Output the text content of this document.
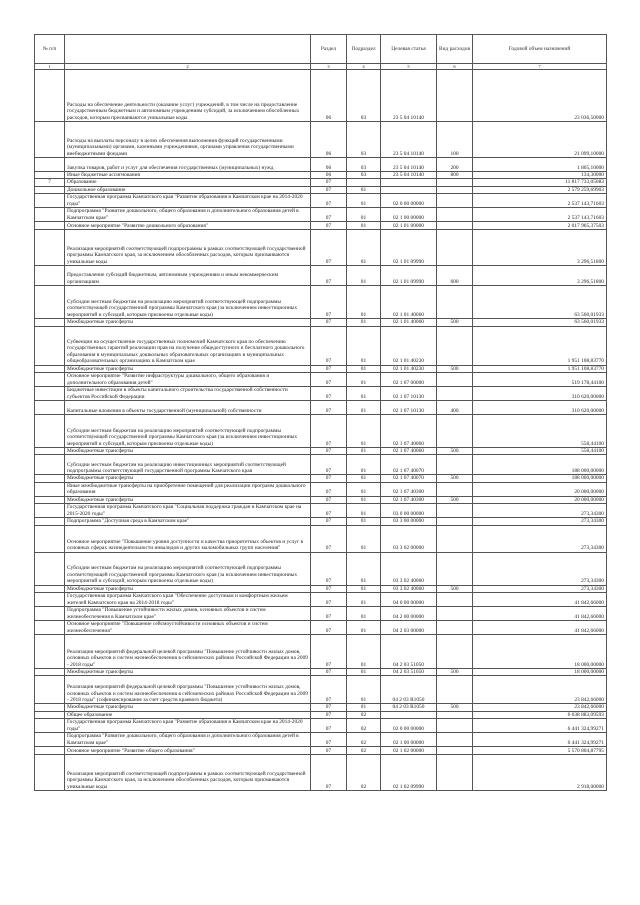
№ п/п		Раздел	Подраздел	Целевая статья	Вид расходов	Годовой объем назначений
1	2	3	4	5	6	7
	Расходы на обеспечение деятельности (оказание услуг) учреждений, в том числе на предоставление государственным бюджетным и автономным учреждениям субсидий, за исключением обособленных расходов, которым присваиваются уникальные коды	06	03	23 5 04 10140		23 036,50000
	Расходы на выплаты персоналу в целях обеспечения выполнения функций государственными (муниципальными) органами, казенными учреждениями, органами управления государственными внебюджетными фондами	06	03	23 5 04 10140	100	21 099,10000
	Закупка товаров, работ и услуг для обеспечения государственных (муниципальных) нужд	06	03	23 5 04 10140	200	1 805,10000
	Иные бюджетные ассигнования	06	03	23 5 04 10140	800	134,30000
7	Образование	07				11 817 733,05083
	Дошкольное образование	07	01			2 579 259,69903
	Государственная программа Камчатского края "Развитие образования в Камчатском крае на 2014-2020 годы"	07	01	02 0 00 00000		2 537 143,71603
	Подпрограмма "Развитие дошкольного, общего образования и дополнительного образования детей в Камчатском крае"	07	01	02 1 00 00000		2 537 143,71603
	Основное мероприятие "Развитие дошкольного образования"	07	01	02 1 01 00000		2 017 965,37503
	Реализация мероприятий соответствующей подпрограммы в рамках соответствующей государственной программы Камчатского края, за исключением обособленных расходов, которым присваиваются уникальные коды	07	01	02 1 01 09990		3 296,51800
	Предоставление субсидий бюджетным, автономным учреждениям и иным некоммерческим организациям	07	01	02 1 01 09990	600	3 296,51800
	Субсидии местным бюджетам на реализацию мероприятий соответствующей подпрограммы соответствующей государственной программы Камчатского края (за исключением инвестиционных мероприятий и субсидий, которым присвоены отдельные коды)	07	01	02 1 01 40060		63 560,01933
	Межбюджетные трансферты	07	01	02 1 01 40060	500	63 560,01933
	Субвенции на осуществление государственных полномочий Камчатского края по обеспечению государственных гарантий реализации прав на получение общедоступного и бесплатного дошкольного образования в муниципальных дошкольных образовательных организациях в муниципальных общеобразовательных организациях в Камчатском крае	07	01	02 1 01 40230		1 951 108,83770
	Межбюджетные трансферты	07	01	02 1 01 40230	500	1 951 108,83770
	Основное мероприятие "Развитие инфраструктуры дошкольного, общего образования и дополнительного образования детей"	07	01	02 1 07 00000		519 178,44100
	Бюджетные инвестиции в объекты капитального строительства государственной собственности субъектов Российской Федерации	07	01	02 1 07 10130		310 620,00000
	Капитальные вложения в объекты государственной (муниципальной) собственности	07	01	02 1 07 10130	400	310 620,00000
	Субсидии местным бюджетам на реализацию мероприятий соответствующей подпрограммы соответствующей государственной программы Камчатского края (за исключением инвестиционных мероприятий и субсидий, которым присвоены отдельные коды)	07	01	02 1 07 40060		558,44100
	Межбюджетные трансферты	07	01	02 1 07 40060	500	558,44100
	Субсидии местным бюджетам на реализацию инвестиционных мероприятий соответствующей подпрограммы соответствующей государственной программы Камчатского края	07	01	02 1 07 40070		188 000,00000
	Межбюджетные трансферты	07	01	02 1 07 40070	500	188 000,00000
	Иные межбюджетные трансферты на приобретение помещений для реализации программ дошкольного образования	07	01	02 1 07 40300		20 000,00000
	Межбюджетные трансферты	07	01	02 1 07 40300	500	20 000,00000
	Государственная программа Камчатского края "Социальная поддержка граждан в Камчатском крае на 2015-2020 годы"	07	01	03 0 00 00000		273,34300
	Подпрограмма "Доступная среда в Камчатском крае"	07	01	03 3 00 00000		273,34300
	Основное мероприятие "Повышение уровня доступности и качества приоритетных объектов и услуг в основных сферах жизнедеятельности инвалидов и других маломобильных групп населения"	07	01	03 3 02 00000		273,34300
	Субсидии местным бюджетам на реализацию мероприятий соответствующей подпрограммы соответствующей государственной программы Камчатского края (за исключением инвестиционных мероприятий и субсидий, которым присвоены отдельные коды)	07	01	03 3 02 40060		273,34300
	Межбюджетные трансферты	07	01	03 3 02 40060	500	273,34300
	Государственная программа Камчатского края "Обеспечение доступным и комфортным жильем жителей Камчатского края на 2014-2018 годы"	07	01	04 0 00 00000		41 842,66000
	Подпрограмма "Повышение устойчивости жилых домов, основных объектов и систем жизнеобеспечения в Камчатском крае"	07	01	04 2 00 00000		41 842,66000
	Основное мероприятие "Повышение сейсмоустойчивости основных объектов и систем жизнеобеспечения"	07	01	04 2 03 00000		41 842,66000
	Реализация мероприятий федеральной целевой программы "Повышение устойчивости жилых домов, основных объектов и систем жизнеобеспечения в сейсмических районах Российской Федерации на 2009 - 2018 годы"	07	01	04 2 03 51050		18 000,00000
	Межбюджетные трансферты	07	01	04 2 03 51050	500	18 000,00000
	Реализация мероприятий федеральной целевой программы "Повышение устойчивости жилых домов, основных объектов и систем жизнеобеспечения в сейсмических районах Российской Федерации на 2009 - 2018 годы" (софинансирование за счет средств краевого бюджета)	07	01	04 2 03 R1050		23 842,66000
	Межбюджетные трансферты	07	01	04 2 03 R1050	500	23 842,66000
	Общее образование	07	02			6 638 883,09593
	Государственная программа Камчатского края "Развитие образования в Камчатском крае на 2014-2020 годы"	07	02	02 0 00 00000		6 441 324,99271
	Подпрограмма "Развитие дошкольного, общего образования и дополнительного образования детей в Камчатском крае"	07	02	02 1 00 00000		6 441 324,99271
	Основное мероприятие "Развитие общего образования"	07	02	02 1 02 00000		5 570 804,87795
	Реализация мероприятий соответствующей подпрограммы в рамках соответствующей государственной программы Камчатского края, за исключением обособленных расходов, которым присваиваются уникальные коды	07	02	02 1 02 09990		2 918,00000
